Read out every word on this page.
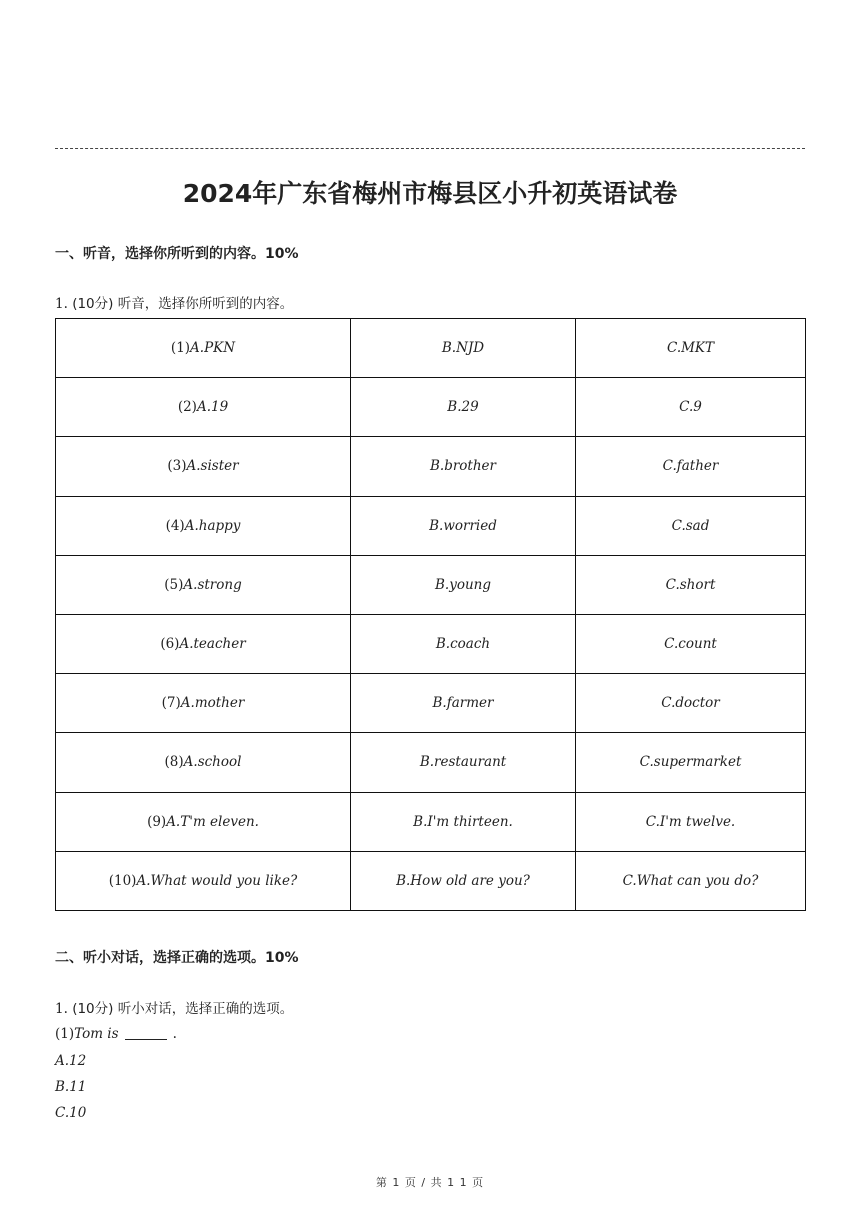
2024年广东省梅州市梅县区小升初英语试卷
一、听音，选择你所听到的内容。10%
1. (10分) 听音，选择你所听到的内容。
(1)A.PKN	B.NJD	C.MKT
(2)A.19	B.29	C.9
(3)A.sister	B.brother	C.father
(4)A.happy	B.worried	C.sad
(5)A.strong	B.young	C.short
(6)A.teacher	B.coach	C.count
(7)A.mother	B.farmer	C.doctor
(8)A.school	B.restaurant	C.supermarket
(9)A.T'm eleven.	B.I'm thirteen.	C.I'm twelve.
(10)A.What would you like?	B.How old are you?	C.What can you do?
二、听小对话，选择正确的选项。10%
1. (10分) 听小对话，选择正确的选项。
(1)Tom is	.
A.12
B.11
C.10
第 1 页 / 共 1 1 页
